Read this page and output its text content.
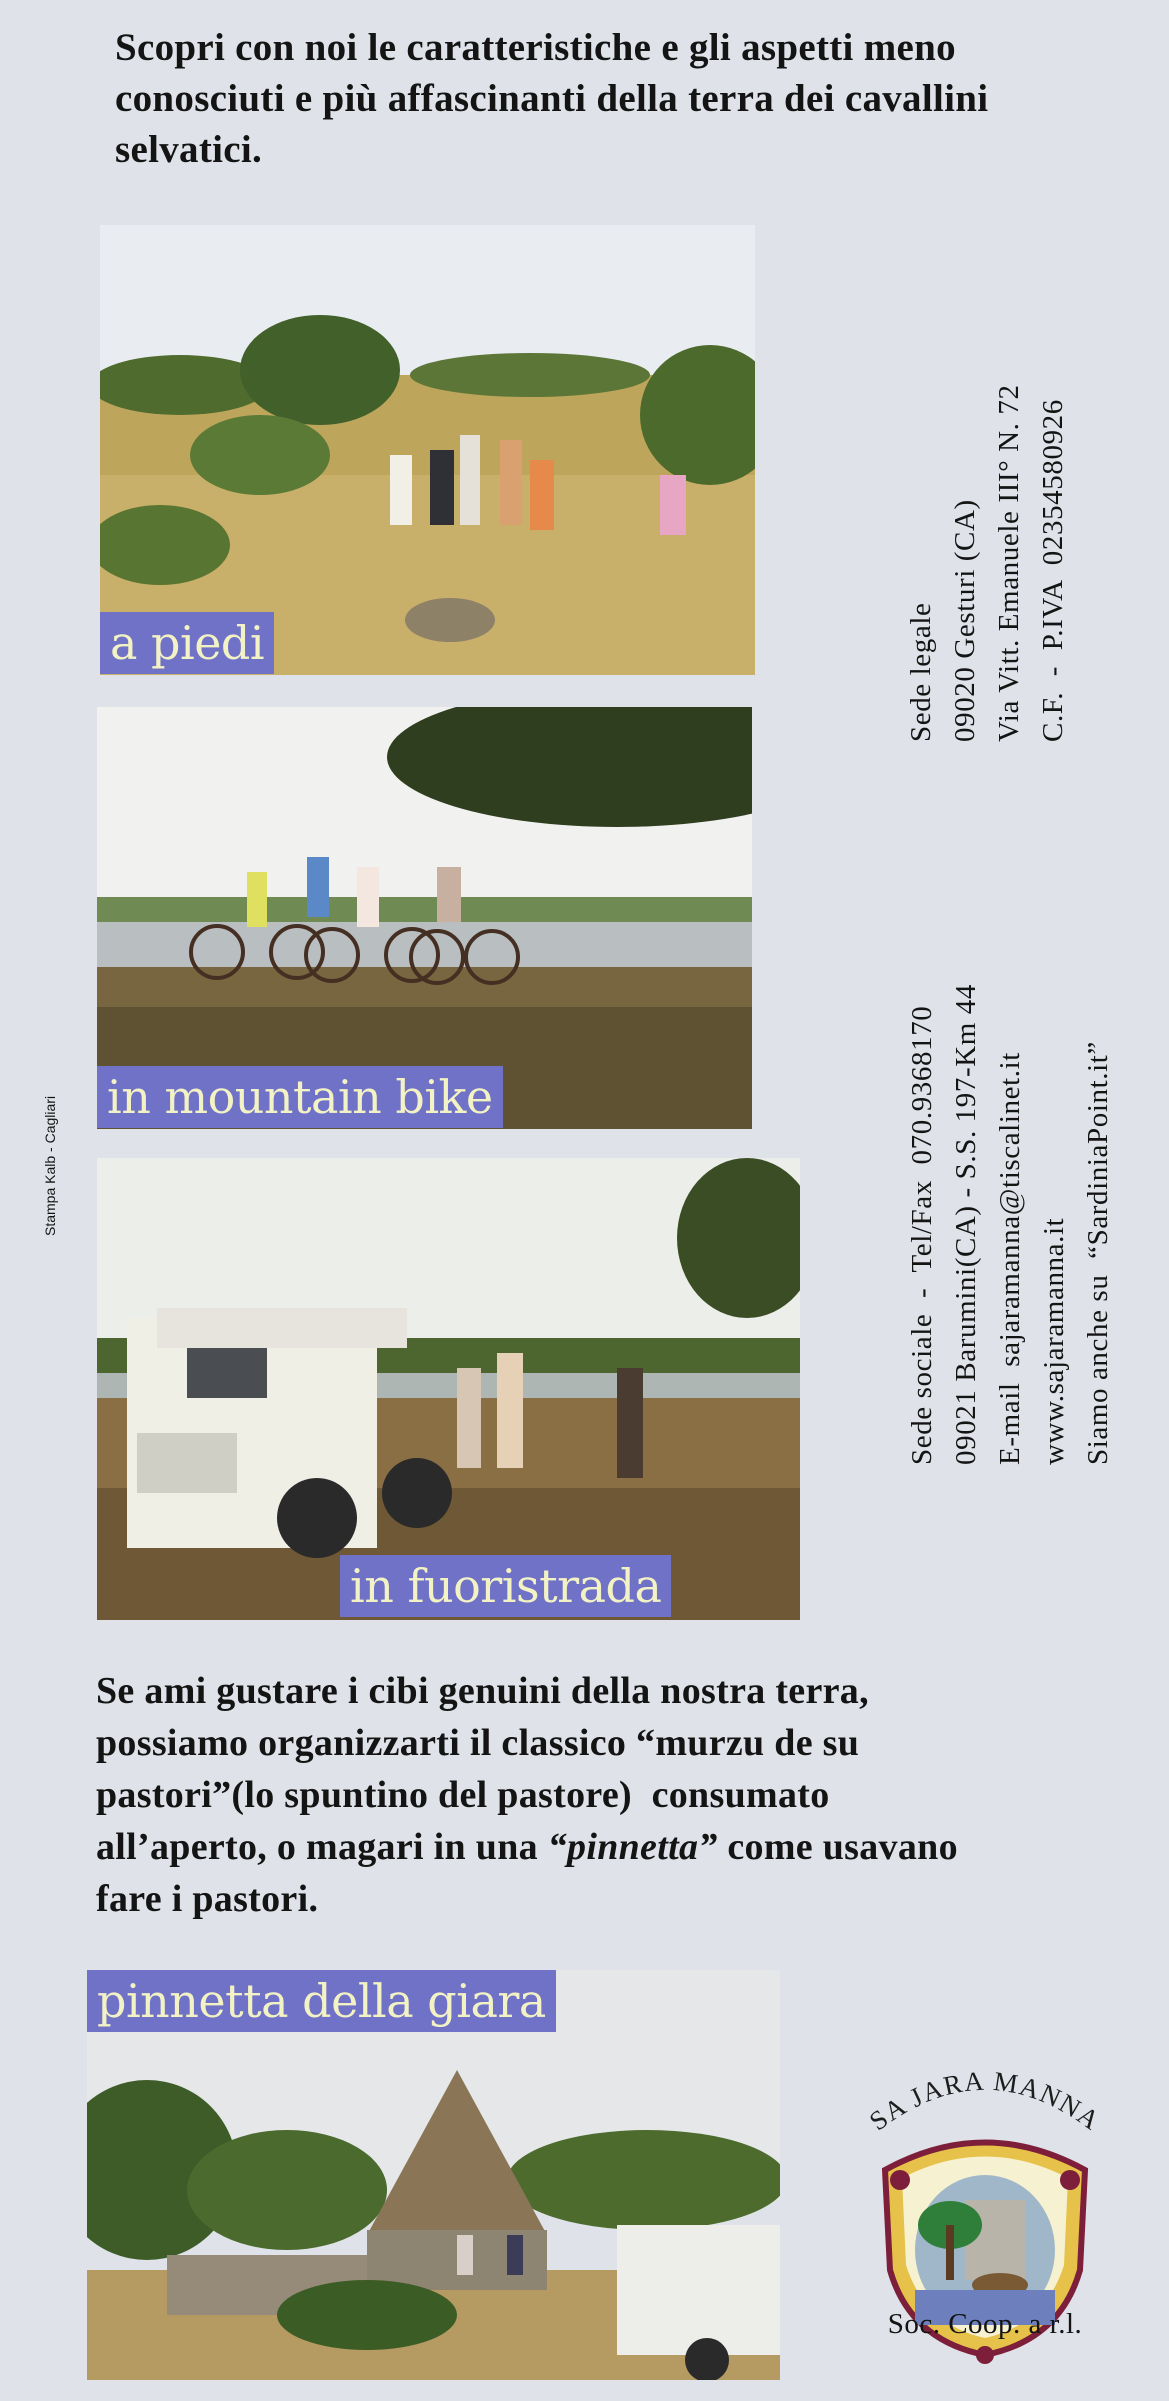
Scopri con noi le caratteristiche e gli aspetti meno
conosciuti e più affascinanti della terra dei cavallini
selvatici.
a piedi
in mountain bike
in fuoristrada
Se ami gustare i cibi genuini della nostra terra,
possiamo organizzarti il classico “murzu de su
pastori”(lo spuntino del pastore)  consumato
all’aperto, o magari in una “pinnetta” come usavano
fare i pastori.
pinnetta della giara
Sede legale 09020 Gesturi (CA) Via Vitt. Emanuele III° N. 72 C.F.  -  P.IVA  02354580926
Sede sociale  -  Tel/Fax  070.9368170 09021 Barumini(CA) - S.S. 197-Km 44 E-mail  sajaramanna@tiscalinet.it www.sajaramanna.it Siamo anche su  “SardiniaPoint.it”
Stampa Kalb - Cagliari
SA JARA MANNA
Soc. Coop. a r.l.
